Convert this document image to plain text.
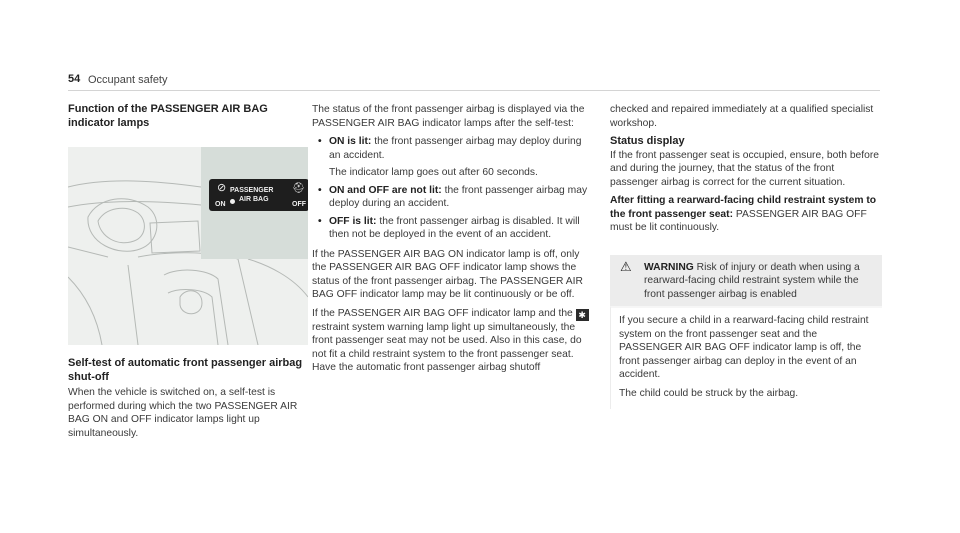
54 Occupant safety

Function of the PASSENGER AIR BAG indicator lamps

⊘ PASSENGER
AIR BAG
⛑
ON	OFF

Self-test of automatic front passenger airbag shut-off

When the vehicle is switched on, a self-test is performed during which the two PASSENGER AIR BAG ON and OFF indicator lamps light up simultaneously.

The status of the front passenger airbag is displayed via the PASSENGER AIR BAG indicator lamps after the self-test:

• ON is lit: the front passenger airbag may deploy during an accident.
The indicator lamp goes out after 60 seconds.
• ON and OFF are not lit: the front passenger airbag may deploy during an accident.
• OFF is lit: the front passenger airbag is disabled. It will then not be deployed in the event of an accident.

If the PASSENGER AIR BAG ON indicator lamp is off, only the PASSENGER AIR BAG OFF indicator lamp shows the status of the front passenger airbag. The PASSENGER AIR BAG OFF indicator lamp may be lit continuously or be off.

If the PASSENGER AIR BAG OFF indicator lamp and the ✱ restraint system warning lamp light up simultaneously, the front passenger seat may not be used. Also in this case, do not fit a child restraint system to the front passenger seat. Have the automatic front passenger airbag shutoff

checked and repaired immediately at a qualified specialist workshop.

Status display

If the front passenger seat is occupied, ensure, both before and during the journey, that the status of the front passenger airbag is correct for the current situation.

After fitting a rearward-facing child restraint system to the front passenger seat: PASSENGER AIR BAG OFF must be lit continuously.

⚠	WARNING Risk of injury or death when using a rearward-facing child restraint system while the front passenger airbag is enabled

If you secure a child in a rearward-facing child restraint system on the front passenger seat and the PASSENGER AIR BAG OFF indicator lamp is off, the front passenger airbag can deploy in the event of an accident.

The child could be struck by the airbag.
